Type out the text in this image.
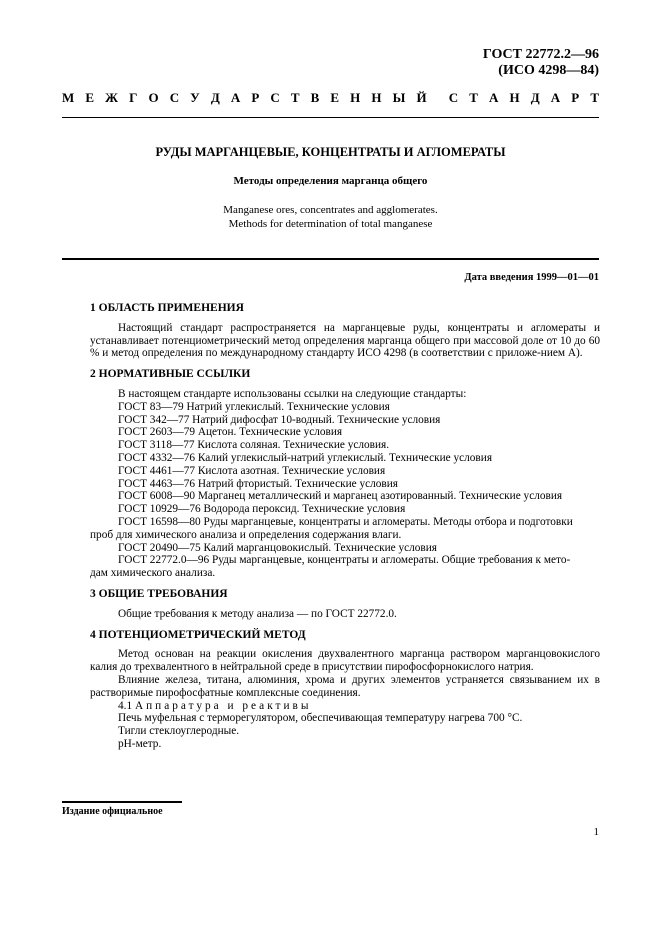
ГОСТ 22772.2—96
(ИСО 4298—84)
М Е Ж Г О С У Д А Р С Т В Е Н Н Ы Й С Т А Н Д А Р Т
РУДЫ МАРГАНЦЕВЫЕ, КОНЦЕНТРАТЫ И АГЛОМЕРАТЫ
Методы определения марганца общего
Manganese ores, concentrates and agglomerates.
Methods for determination of total manganese
Дата введения 1999—01—01
1 ОБЛАСТЬ ПРИМЕНЕНИЯ

Настоящий стандарт распространяется на марганцевые руды, концентраты и агломераты и устанавливает потенциометрический метод определения марганца общего при массовой доле от 10 до 60 % и метод определения по международному стандарту ИСО 4298 (в соответствии с приложе-нием А).

2 НОРМАТИВНЫЕ ССЫЛКИ
В настоящем стандарте использованы ссылки на следующие стандарты:
ГОСТ 83—79 Натрий углекислый. Технические условия
ГОСТ 342—77 Натрий дифосфат 10-водный. Технические условия
ГОСТ 2603—79 Ацетон. Технические условия
ГОСТ 3118—77 Кислота соляная. Технические условия.
ГОСТ 4332—76 Калий углекислый-натрий углекислый. Технические условия
ГОСТ 4461—77 Кислота азотная. Технические условия
ГОСТ 4463—76 Натрий фтористый. Технические условия
ГОСТ 6008—90 Марганец металлический и марганец азотированный. Технические условия
ГОСТ 10929—76 Водорода пероксид. Технические условия
ГОСТ 16598—80 Руды марганцевые, концентраты и агломераты. Методы отбора и подготовки
проб для химического анализа и определения содержания влаги.
ГОСТ 20490—75 Калий марганцовокислый. Технические условия
ГОСТ 22772.0—96 Руды марганцевые, концентраты и агломераты. Общие требования к мето-
дам химического анализа.
3 ОБЩИЕ ТРЕБОВАНИЯ
Общие требования к методу анализа — по ГОСТ 22772.0.
4 ПОТЕНЦИОМЕТРИЧЕСКИЙ МЕТОД

Метод основан на реакции окисления двухвалентного марганца раствором марганцовокислого калия до трехвалентного в нейтральной среде в присутствии пирофосфорнокислого натрия.

Влияние железа, титана, алюминия, хрома и других элементов устраняется связыванием их в растворимые пирофосфатные комплексные соединения.

4.1 Аппаратура и реактивы
Печь муфельная с терморегулятором, обеспечивающая температуру нагрева 700 °С.
Тигли стеклоуглеродные.
pH-метр.
Издание официальное
1
